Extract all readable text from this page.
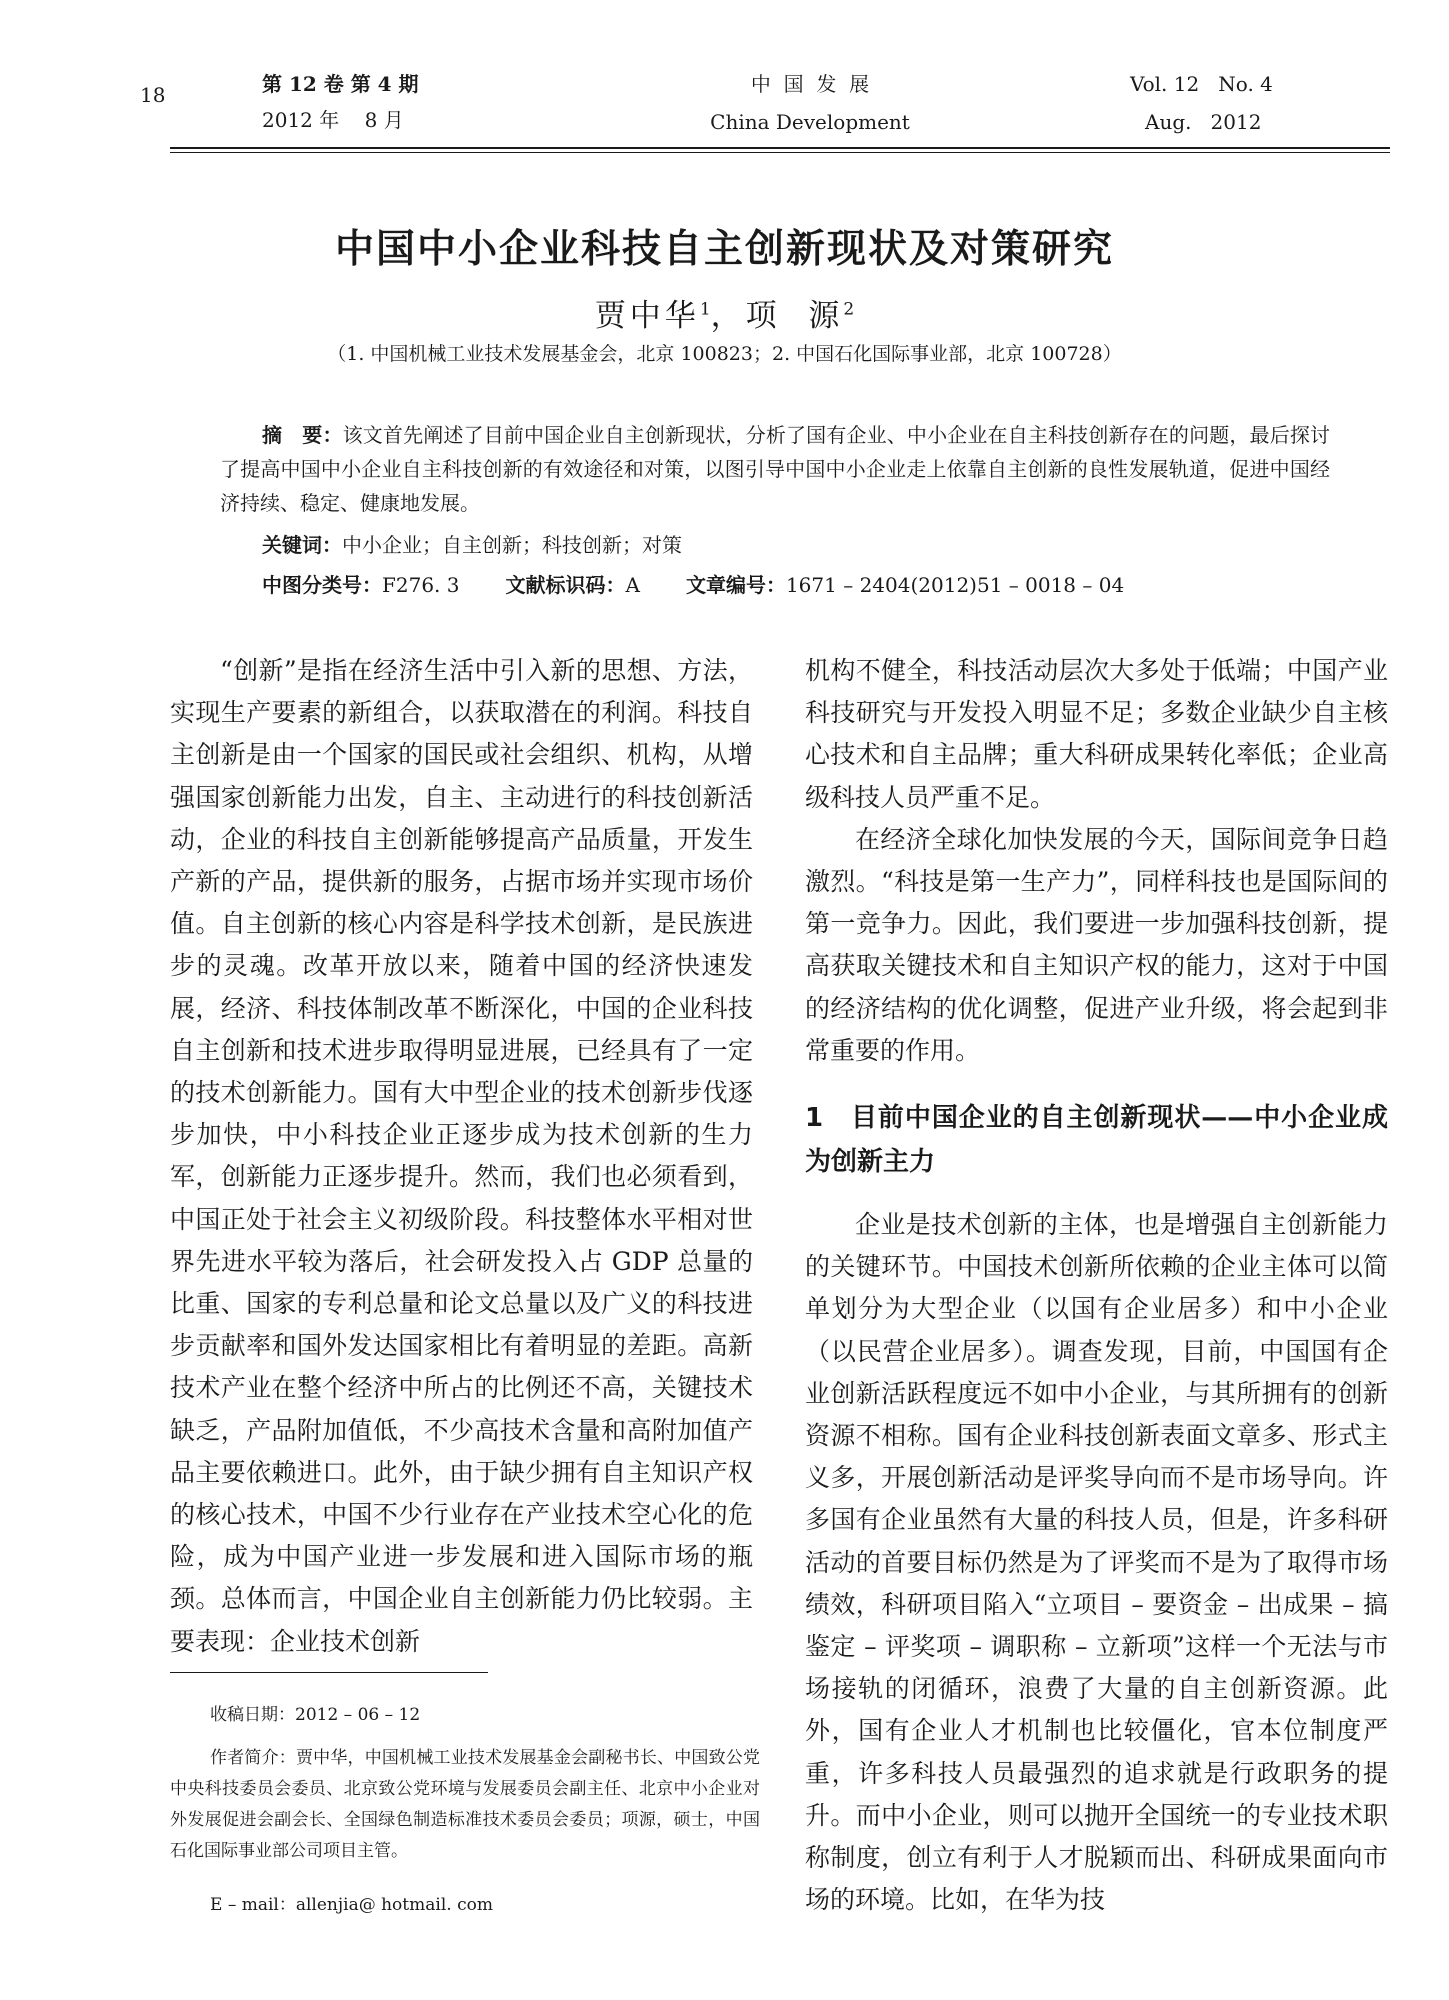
18	第 12 卷 第 4 期
2012 年    8 月
中  国  发  展
China Development
Vol. 12   No. 4
Aug.   2012
中国中小企业科技自主创新现状及对策研究
贾中华$^1$，项  源$^2$
（1. 中国机械工业技术发展基金会，北京 100823；2. 中国石化国际事业部，北京 100728）
摘　要：该文首先阐述了目前中国企业自主创新现状，分析了国有企业、中小企业在自主科技创新存在的问题，最后探讨了提高中国中小企业自主科技创新的有效途径和对策，以图引导中国中小企业走上依靠自主创新的良性发展轨道，促进中国经济持续、稳定、健康地发展。
关键词：中小企业；自主创新；科技创新；对策
中图分类号：F276. 3 文献标识码：A 文章编号：1671 – 2404(2012)51 – 0018 – 04

“创新”是指在经济生活中引入新的思想、方法，实现生产要素的新组合，以获取潜在的利润。科技自主创新是由一个国家的国民或社会组织、机构，从增强国家创新能力出发，自主、主动进行的科技创新活动，企业的科技自主创新能够提高产品质量，开发生产新的产品，提供新的服务，占据市场并实现市场价值。自主创新的核心内容是科学技术创新，是民族进步的灵魂。改革开放以来，随着中国的经济快速发展，经济、科技体制改革不断深化，中国的企业科技自主创新和技术进步取得明显进展，已经具有了一定的技术创新能力。国有大中型企业的技术创新步伐逐步加快，中小科技企业正逐步成为技术创新的生力军，创新能力正逐步提升。然而，我们也必须看到，中国正处于社会主义初级阶段。科技整体水平相对世界先进水平较为落后，社会研发投入占 GDP 总量的比重、国家的专利总量和论文总量以及广义的科技进步贡献率和国外发达国家相比有着明显的差距。高新技术产业在整个经济中所占的比例还不高，关键技术缺乏，产品附加值低，不少高技术含量和高附加值产品主要依赖进口。此外，由于缺少拥有自主知识产权的核心技术，中国不少行业存在产业技术空心化的危险，成为中国产业进一步发展和进入国际市场的瓶颈。总体而言，中国企业自主创新能力仍比较弱。主要表现：企业技术创新

机构不健全，科技活动层次大多处于低端；中国产业科技研究与开发投入明显不足；多数企业缺少自主核心技术和自主品牌；重大科研成果转化率低；企业高级科技人员严重不足。

在经济全球化加快发展的今天，国际间竞争日趋激烈。“科技是第一生产力”，同样科技也是国际间的第一竞争力。因此，我们要进一步加强科技创新，提高获取关键技术和自主知识产权的能力，这对于中国的经济结构的优化调整，促进产业升级，将会起到非常重要的作用。

1　目前中国企业的自主创新现状——中小企业成为创新主力

企业是技术创新的主体，也是增强自主创新能力的关键环节。中国技术创新所依赖的企业主体可以简单划分为大型企业（以国有企业居多）和中小企业（以民营企业居多）。调查发现，目前，中国国有企业创新活跃程度远不如中小企业，与其所拥有的创新资源不相称。国有企业科技创新表面文章多、形式主义多，开展创新活动是评奖导向而不是市场导向。许多国有企业虽然有大量的科技人员，但是，许多科研活动的首要目标仍然是为了评奖而不是为了取得市场绩效，科研项目陷入“立项目 – 要资金 – 出成果 – 搞鉴定 – 评奖项 – 调职称 – 立新项”这样一个无法与市场接轨的闭循环，浪费了大量的自主创新资源。此外，国有企业人才机制也比较僵化，官本位制度严重，许多科技人员最强烈的追求就是行政职务的提升。而中小企业，则可以抛开全国统一的专业技术职称制度，创立有利于人才脱颖而出、科研成果面向市场的环境。比如，在华为技

收稿日期：2012 – 06 – 12
作者简介：贾中华，中国机械工业技术发展基金会副秘书长、中国致公党中央科技委员会委员、北京致公党环境与发展委员会副主任、北京中小企业对外发展促进会副会长、全国绿色制造标准技术委员会委员；项源，硕士，中国石化国际事业部公司项目主管。
E – mail：allenjia@ hotmail. com
